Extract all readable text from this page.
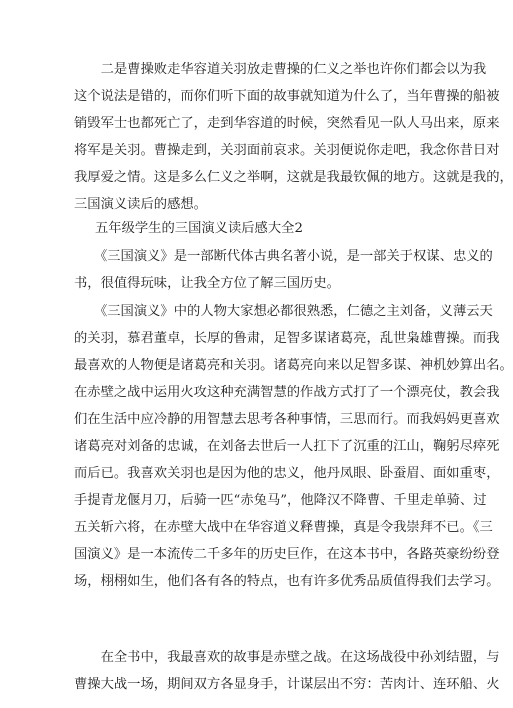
　　二是曹操败走华容道关羽放走曹操的仁义之举也许你们都会以为我
这个说法是错的，而你们听下面的故事就知道为什么了，当年曹操的船被
销毁军士也都死亡了，走到华容道的时候，突然看见一队人马出来，原来
将军是关羽。曹操走到，关羽面前哀求。关羽便说你走吧，我念你昔日对
我厚爱之情。这是多么仁义之举啊，这就是我最钦佩的地方。这就是我的，
三国演义读后的感想。
五年级学生的三国演义读后感大全2
　　《三国演义》是一部断代体古典名著小说，是一部关于权谋、忠义的
书，很值得玩味，让我全方位了解三国历史。
　　《三国演义》中的人物大家想必都很熟悉，仁德之主刘备，义薄云天
的关羽，慕君董卓，长厚的鲁肃，足智多谋诸葛亮，乱世枭雄曹操。而我
最喜欢的人物便是诸葛亮和关羽。诸葛亮向来以足智多谋、神机妙算出名。
在赤壁之战中运用火攻这种充满智慧的作战方式打了一个漂亮仗，教会我
们在生活中应冷静的用智慧去思考各种事情，三思而行。而我妈妈更喜欢
诸葛亮对刘备的忠诚，在刘备去世后一人扛下了沉重的江山，鞠躬尽瘁死
而后已。我喜欢关羽也是因为他的忠义，他丹凤眼、卧蚕眉、面如重枣，
手提青龙偃月刀，后骑一匹“赤兔马”，他降汉不降曹、千里走单骑、过
五关斩六将，在赤壁大战中在华容道义释曹操，真是令我崇拜不已。《三
国演义》是一本流传二千多年的历史巨作，在这本书中，各路英豪纷纷登
场，栩栩如生，他们各有各的特点，也有许多优秀品质值得我们去学习。
　　在全书中，我最喜欢的故事是赤壁之战。在这场战役中孙刘结盟，与
曹操大战一场，期间双方各显身手，计谋层出不穷：苦肉计、连环船、火
